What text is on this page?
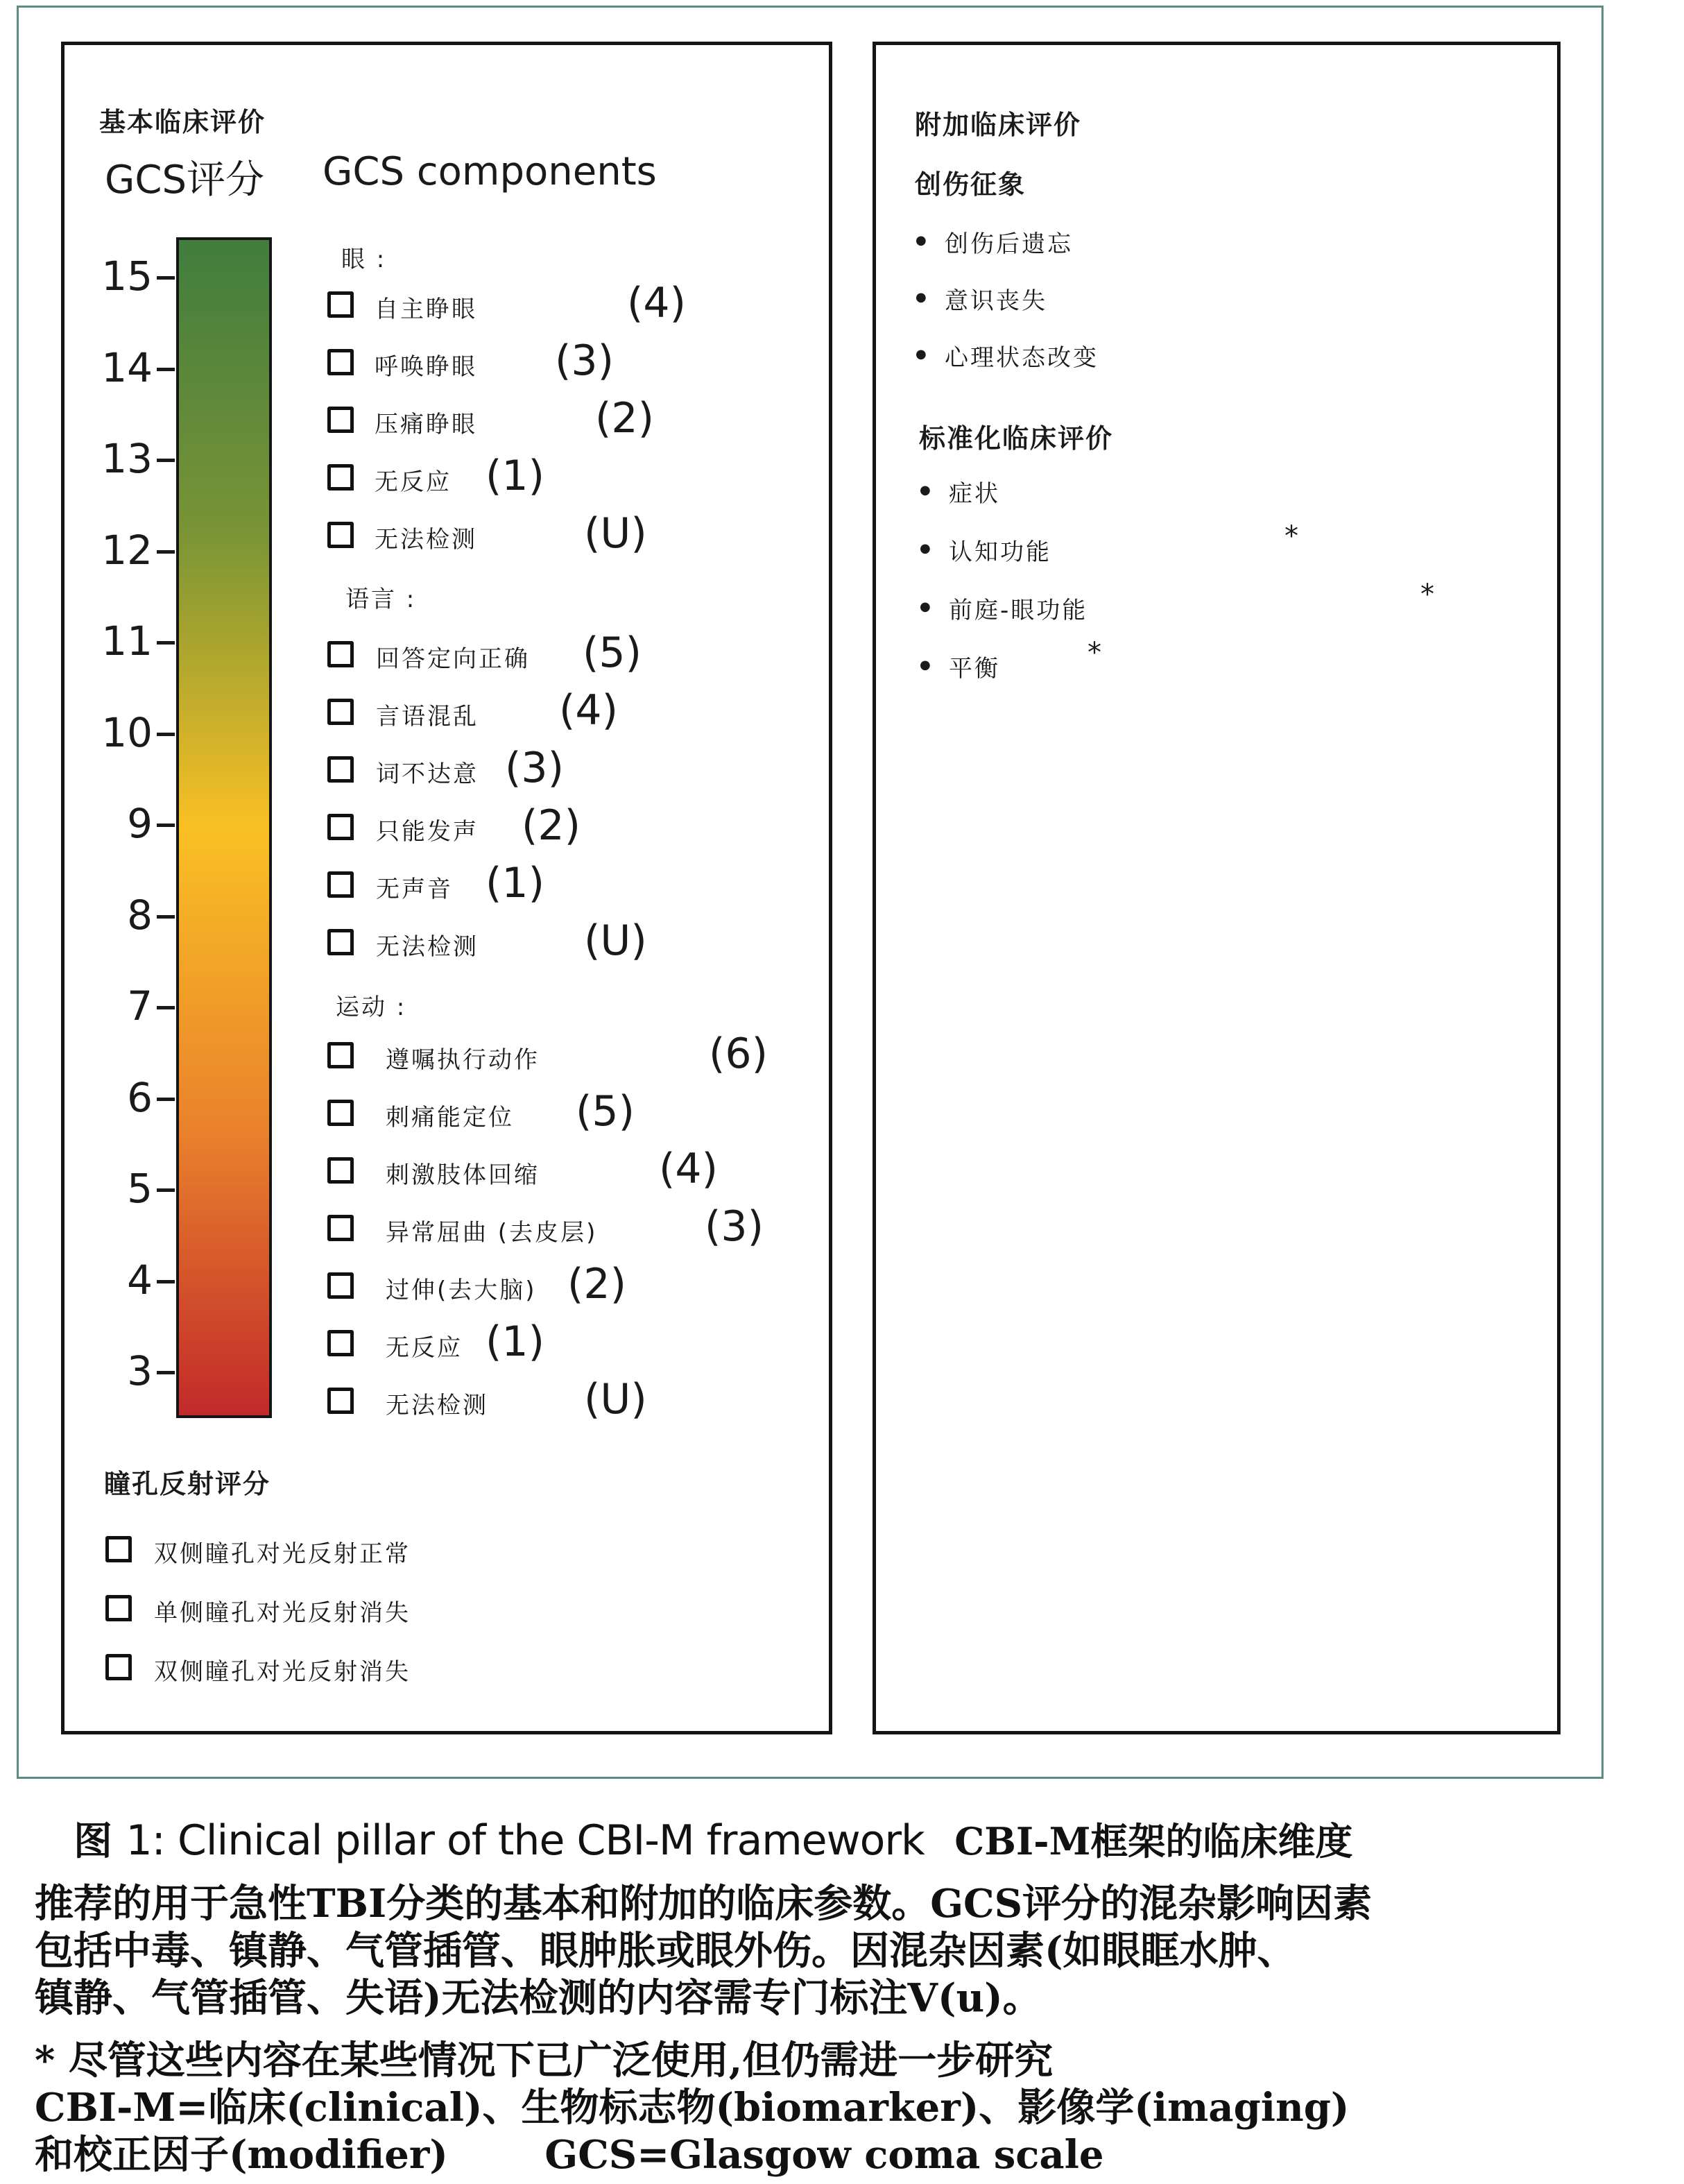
基本临床评价
GCS评分 GCS components
15
14
13
12
11
10
9
8
7
6
5
4
3
眼 :
自主睁眼	(4)
呼唤睁眼 (3)
压痛睁眼	(2)
无反应 (1)
无法检测	(U)
语言 :
回答定向正确 (5)
言语混乱 (4)
词不达意 (3)
只能发声 (2)
无声音 (1)
无法检测	(U)
运动 :
遵嘱执行动作	(6)
刺痛能定位 (5)
刺激肢体回缩	(4)
异常屈曲 (去皮层)	(3)
过伸(去大脑) (2)
无反应 (1)
无法检测 (U)
瞳孔反射评分
双侧瞳孔对光反射正常
单侧瞳孔对光反射消失
双侧瞳孔对光反射消失
附加临床评价
创伤征象
标准化临床评价
● 创伤后遗忘
● 意识丧失
● 心理状态改变
● 症状
● 认知功能	*
● 前庭-眼功能	*
● 平衡	*
图 1: Clinical pillar of the CBI-M framework CBI-M框架的临床维度
推荐的用于急性TBI分类的基本和附加的临床参数。GCS评分的混杂影响因素
包括中毒、镇静、气管插管、眼肿胀或眼外伤。因混杂因素(如眼眶水肿、
镇静、气管插管、失语)无法检测的内容需专门标注V(u)。
* 尽管这些内容在某些情况下已广泛使用,但仍需进一步研究
CBI-M=临床(clinical)、生物标志物(biomarker)、影像学(imaging)
和校正因子(modifier) GCS=Glasgow coma scale
